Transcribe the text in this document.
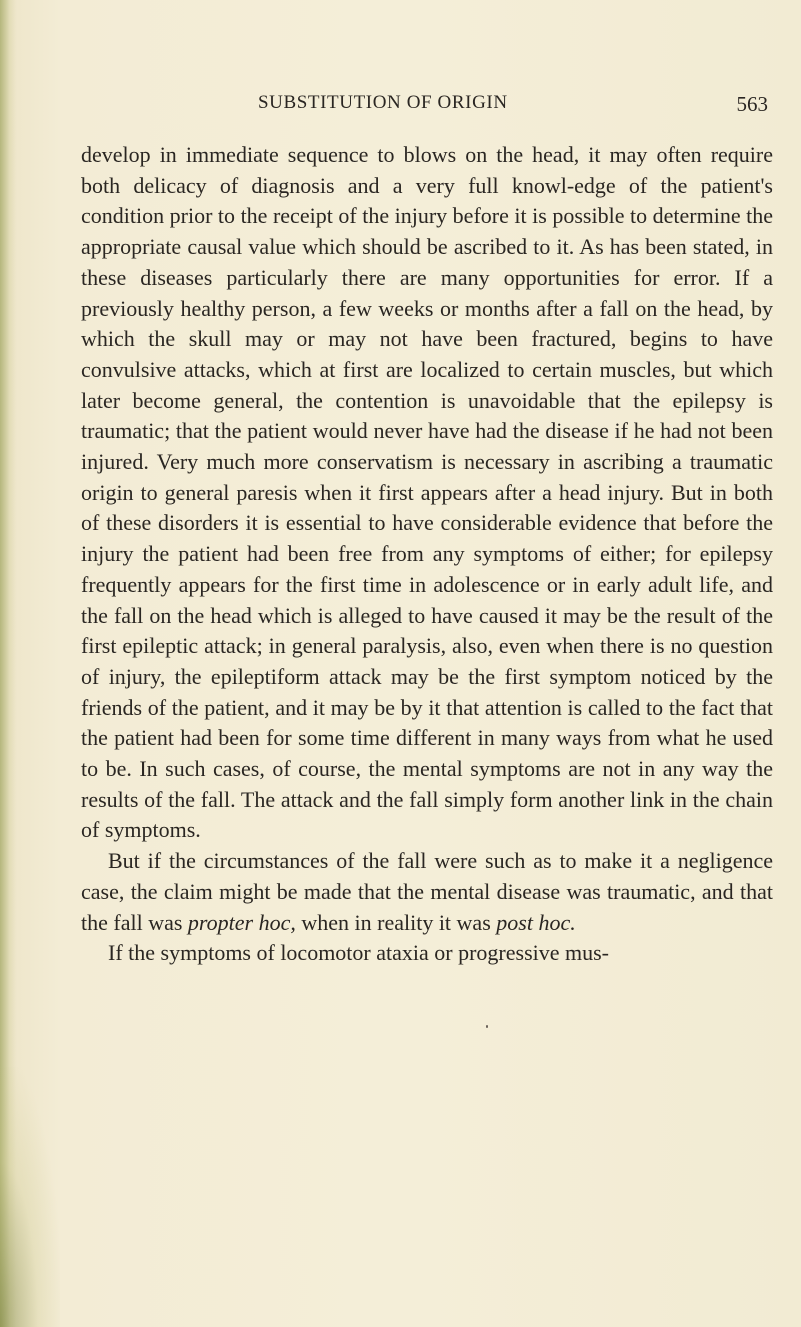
SUBSTITUTION OF ORIGIN	563

develop in immediate sequence to blows on the head, it may often require both delicacy of diagnosis and a very full knowl-edge of the patient's condition prior to the receipt of the injury before it is possible to determine the appropriate causal value which should be ascribed to it. As has been stated, in these diseases particularly there are many opportunities for error. If a previously healthy person, a few weeks or months after a fall on the head, by which the skull may or may not have been fractured, begins to have convulsive attacks, which at first are localized to certain muscles, but which later become general, the contention is unavoidable that the epilepsy is traumatic; that the patient would never have had the disease if he had not been injured. Very much more conservatism is necessary in ascribing a traumatic origin to general paresis when it first appears after a head injury. But in both of these disorders it is essential to have considerable evidence that before the injury the patient had been free from any symptoms of either; for epilepsy frequently appears for the first time in adolescence or in early adult life, and the fall on the head which is alleged to have caused it may be the result of the first epileptic attack; in general paralysis, also, even when there is no question of injury, the epileptiform attack may be the first symptom noticed by the friends of the patient, and it may be by it that attention is called to the fact that the patient had been for some time different in many ways from what he used to be. In such cases, of course, the mental symptoms are not in any way the results of the fall. The attack and the fall simply form another link in the chain of symptoms.

But if the circumstances of the fall were such as to make it a negligence case, the claim might be made that the mental disease was traumatic, and that the fall was propter hoc, when in reality it was post hoc.

If the symptoms of locomotor ataxia or progressive mus-
